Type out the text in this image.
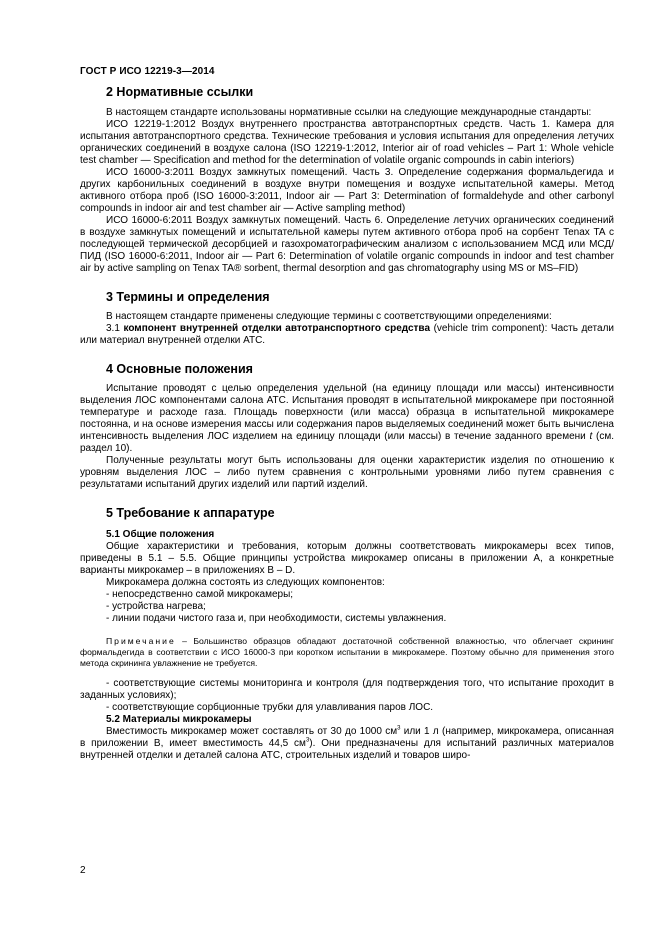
ГОСТ Р ИСО 12219-3—2014
2 Нормативные ссылки

В настоящем стандарте использованы нормативные ссылки на следующие международные стандарты:

ИСО 12219-1:2012 Воздух внутреннего пространства автотранспортных средств. Часть 1. Камера для испытания автотранспортного средства. Технические требования и условия испытания для определения летучих органических соединений в воздухе салона (ISO 12219-1:2012, Interior air of road vehicles – Part 1: Whole vehicle test chamber — Specification and method for the determination of volatile organic compounds in cabin interiors)

ИСО 16000-3:2011 Воздух замкнутых помещений. Часть 3. Определение содержания формальдегида и других карбонильных соединений в воздухе внутри помещения и воздухе испытательной камеры. Метод активного отбора проб (ISO 16000-3:2011, Indoor air — Part 3: Determination of formaldehyde and other carbonyl compounds in indoor air and test chamber air — Active sampling method)

ИСО 16000-6:2011 Воздух замкнутых помещений. Часть 6. Определение летучих органических соединений в воздухе замкнутых помещений и испытательной камеры путем активного отбора проб на сорбент Tenax TA с последующей термической десорбцией и газохроматографическим анализом с использованием МСД или МСД/ПИД (ISO 16000-6:2011, Indoor air — Part 6: Determination of volatile organic compounds in indoor and test chamber air by active sampling on Tenax TA® sorbent, thermal desorption and gas chromatography using MS or MS–FID)

3 Термины и определения

В настоящем стандарте применены следующие термины с соответствующими определениями:

3.1 компонент внутренней отделки автотранспортного средства (vehicle trim component): Часть детали или материал внутренней отделки АТС.

4 Основные положения

Испытание проводят с целью определения удельной (на единицу площади или массы) интенсивности выделения ЛОС компонентами салона АТС. Испытания проводят в испытательной микрокамере при постоянной температуре и расходе газа. Площадь поверхности (или масса) образца в испытательной микрокамере постоянна, и на основе измерения массы или содержания паров выделяемых соединений может быть вычислена интенсивность выделения ЛОС изделием на единицу площади (или массы) в течение заданного времени t (см. раздел 10).

Полученные результаты могут быть использованы для оценки характеристик изделия по отношению к уровням выделения ЛОС – либо путем сравнения с контрольными уровнями либо путем сравнения с результатами испытаний других изделий или партий изделий.

5 Требование к аппаратуре
5.1 Общие положения

Общие характеристики и требования, которым должны соответствовать микрокамеры всех типов, приведены в 5.1 – 5.5. Общие принципы устройства микрокамер описаны в приложении А, а конкретные варианты микрокамер – в приложениях В – D.

Микрокамера должна состоять из следующих компонентов:

- непосредственно самой микрокамеры;

- устройства нагрева;

- линии подачи чистого газа и, при необходимости, системы увлажнения.

Примечание – Большинство образцов обладают достаточной собственной влажностью, что облегчает скрининг формальдегида в соответствии с ИСО 16000-3 при коротком испытании в микрокамере. Поэтому обычно для применения этого метода скрининга увлажнение не требуется.

- соответствующие системы мониторинга и контроля (для подтверждения того, что испытание проходит в заданных условиях);

- соответствующие сорбционные трубки для улавливания паров ЛОС.

5.2 Материалы микрокамеры

Вместимость микрокамер может составлять от 30 до 1000 $см^3$ или 1 л (например, микрокамера, описанная в приложении В, имеет вместимость 44,5 $см^3$). Они предназначены для испытаний различных материалов внутренней отделки и деталей салона АТС, строительных изделий и товаров широ-

2
